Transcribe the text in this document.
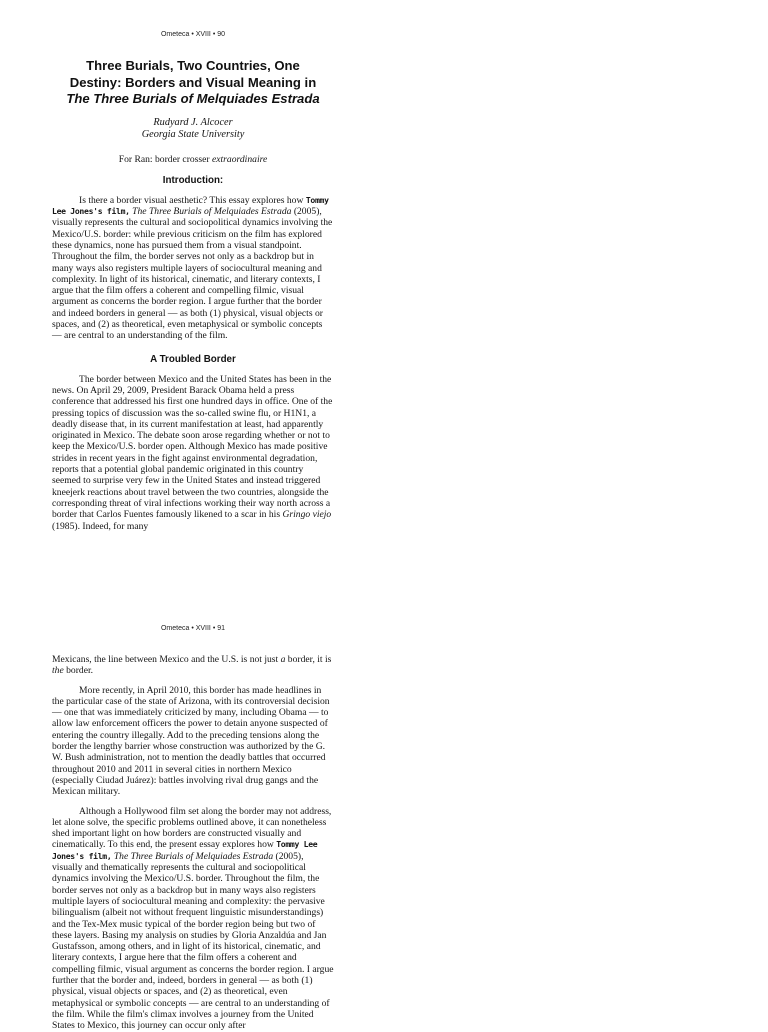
Ometeca • XVIII • 90
Three Burials, Two Countries, One
Destiny: Borders and Visual Meaning in
The Three Burials of Melquiades Estrada
Rudyard J. Alcocer
Georgia State University
For Ran: border crosser extraordinaire
Introduction:

Is there a border visual aesthetic? This essay explores how Tommy Lee Jones's film, The Three Burials of Melquiades Estrada (2005), visually represents the cultural and sociopolitical dynamics involving the Mexico/U.S. border: while previous criticism on the film has explored these dynamics, none has pursued them from a visual standpoint. Throughout the film, the border serves not only as a backdrop but in many ways also registers multiple layers of sociocultural meaning and complexity. In light of its historical, cinematic, and literary contexts, I argue that the film offers a coherent and compelling filmic, visual argument as concerns the border region. I argue further that the border and indeed borders in general — as both (1) physical, visual objects or spaces, and (2) as theoretical, even metaphysical or symbolic concepts — are central to an understanding of the film.

A Troubled Border

The border between Mexico and the United States has been in the news. On April 29, 2009, President Barack Obama held a press conference that addressed his first one hundred days in office. One of the pressing topics of discussion was the so-called swine flu, or H1N1, a deadly disease that, in its current manifestation at least, had apparently originated in Mexico. The debate soon arose regarding whether or not to keep the Mexico/U.S. border open. Although Mexico has made positive strides in recent years in the fight against environmental degradation, reports that a potential global pandemic originated in this country seemed to surprise very few in the United States and instead triggered kneejerk reactions about travel between the two countries, alongside the corresponding threat of viral infections working their way north across a border that Carlos Fuentes famously likened to a scar in his Gringo viejo (1985). Indeed, for many

Ometeca • XVIII • 91

Mexicans, the line between Mexico and the U.S. is not just a border, it is the border.

More recently, in April 2010, this border has made headlines in the particular case of the state of Arizona, with its controversial decision — one that was immediately criticized by many, including Obama — to allow law enforcement officers the power to detain anyone suspected of entering the country illegally. Add to the preceding tensions along the border the lengthy barrier whose construction was authorized by the G. W. Bush administration, not to mention the deadly battles that occurred throughout 2010 and 2011 in several cities in northern Mexico (especially Ciudad Juárez): battles involving rival drug gangs and the Mexican military.

Although a Hollywood film set along the border may not address, let alone solve, the specific problems outlined above, it can nonetheless shed important light on how borders are constructed visually and cinematically. To this end, the present essay explores how Tommy Lee Jones's film, The Three Burials of Melquiades Estrada (2005), visually and thematically represents the cultural and sociopolitical dynamics involving the Mexico/U.S. border. Throughout the film, the border serves not only as a backdrop but in many ways also registers multiple layers of sociocultural meaning and complexity: the pervasive bilingualism (albeit not without frequent linguistic misunderstandings) and the Tex-Mex music typical of the border region being but two of these layers. Basing my analysis on studies by Gloria Anzaldúa and Jan Gustafsson, among others, and in light of its historical, cinematic, and literary contexts, I argue here that the film offers a coherent and compelling filmic, visual argument as concerns the border region. I argue further that the border and, indeed, borders in general — as both (1) physical, visual objects or spaces, and (2) as theoretical, even metaphysical or symbolic concepts — are central to an understanding of the film. While the film's climax involves a journey from the United States to Mexico, this journey can occur only after
